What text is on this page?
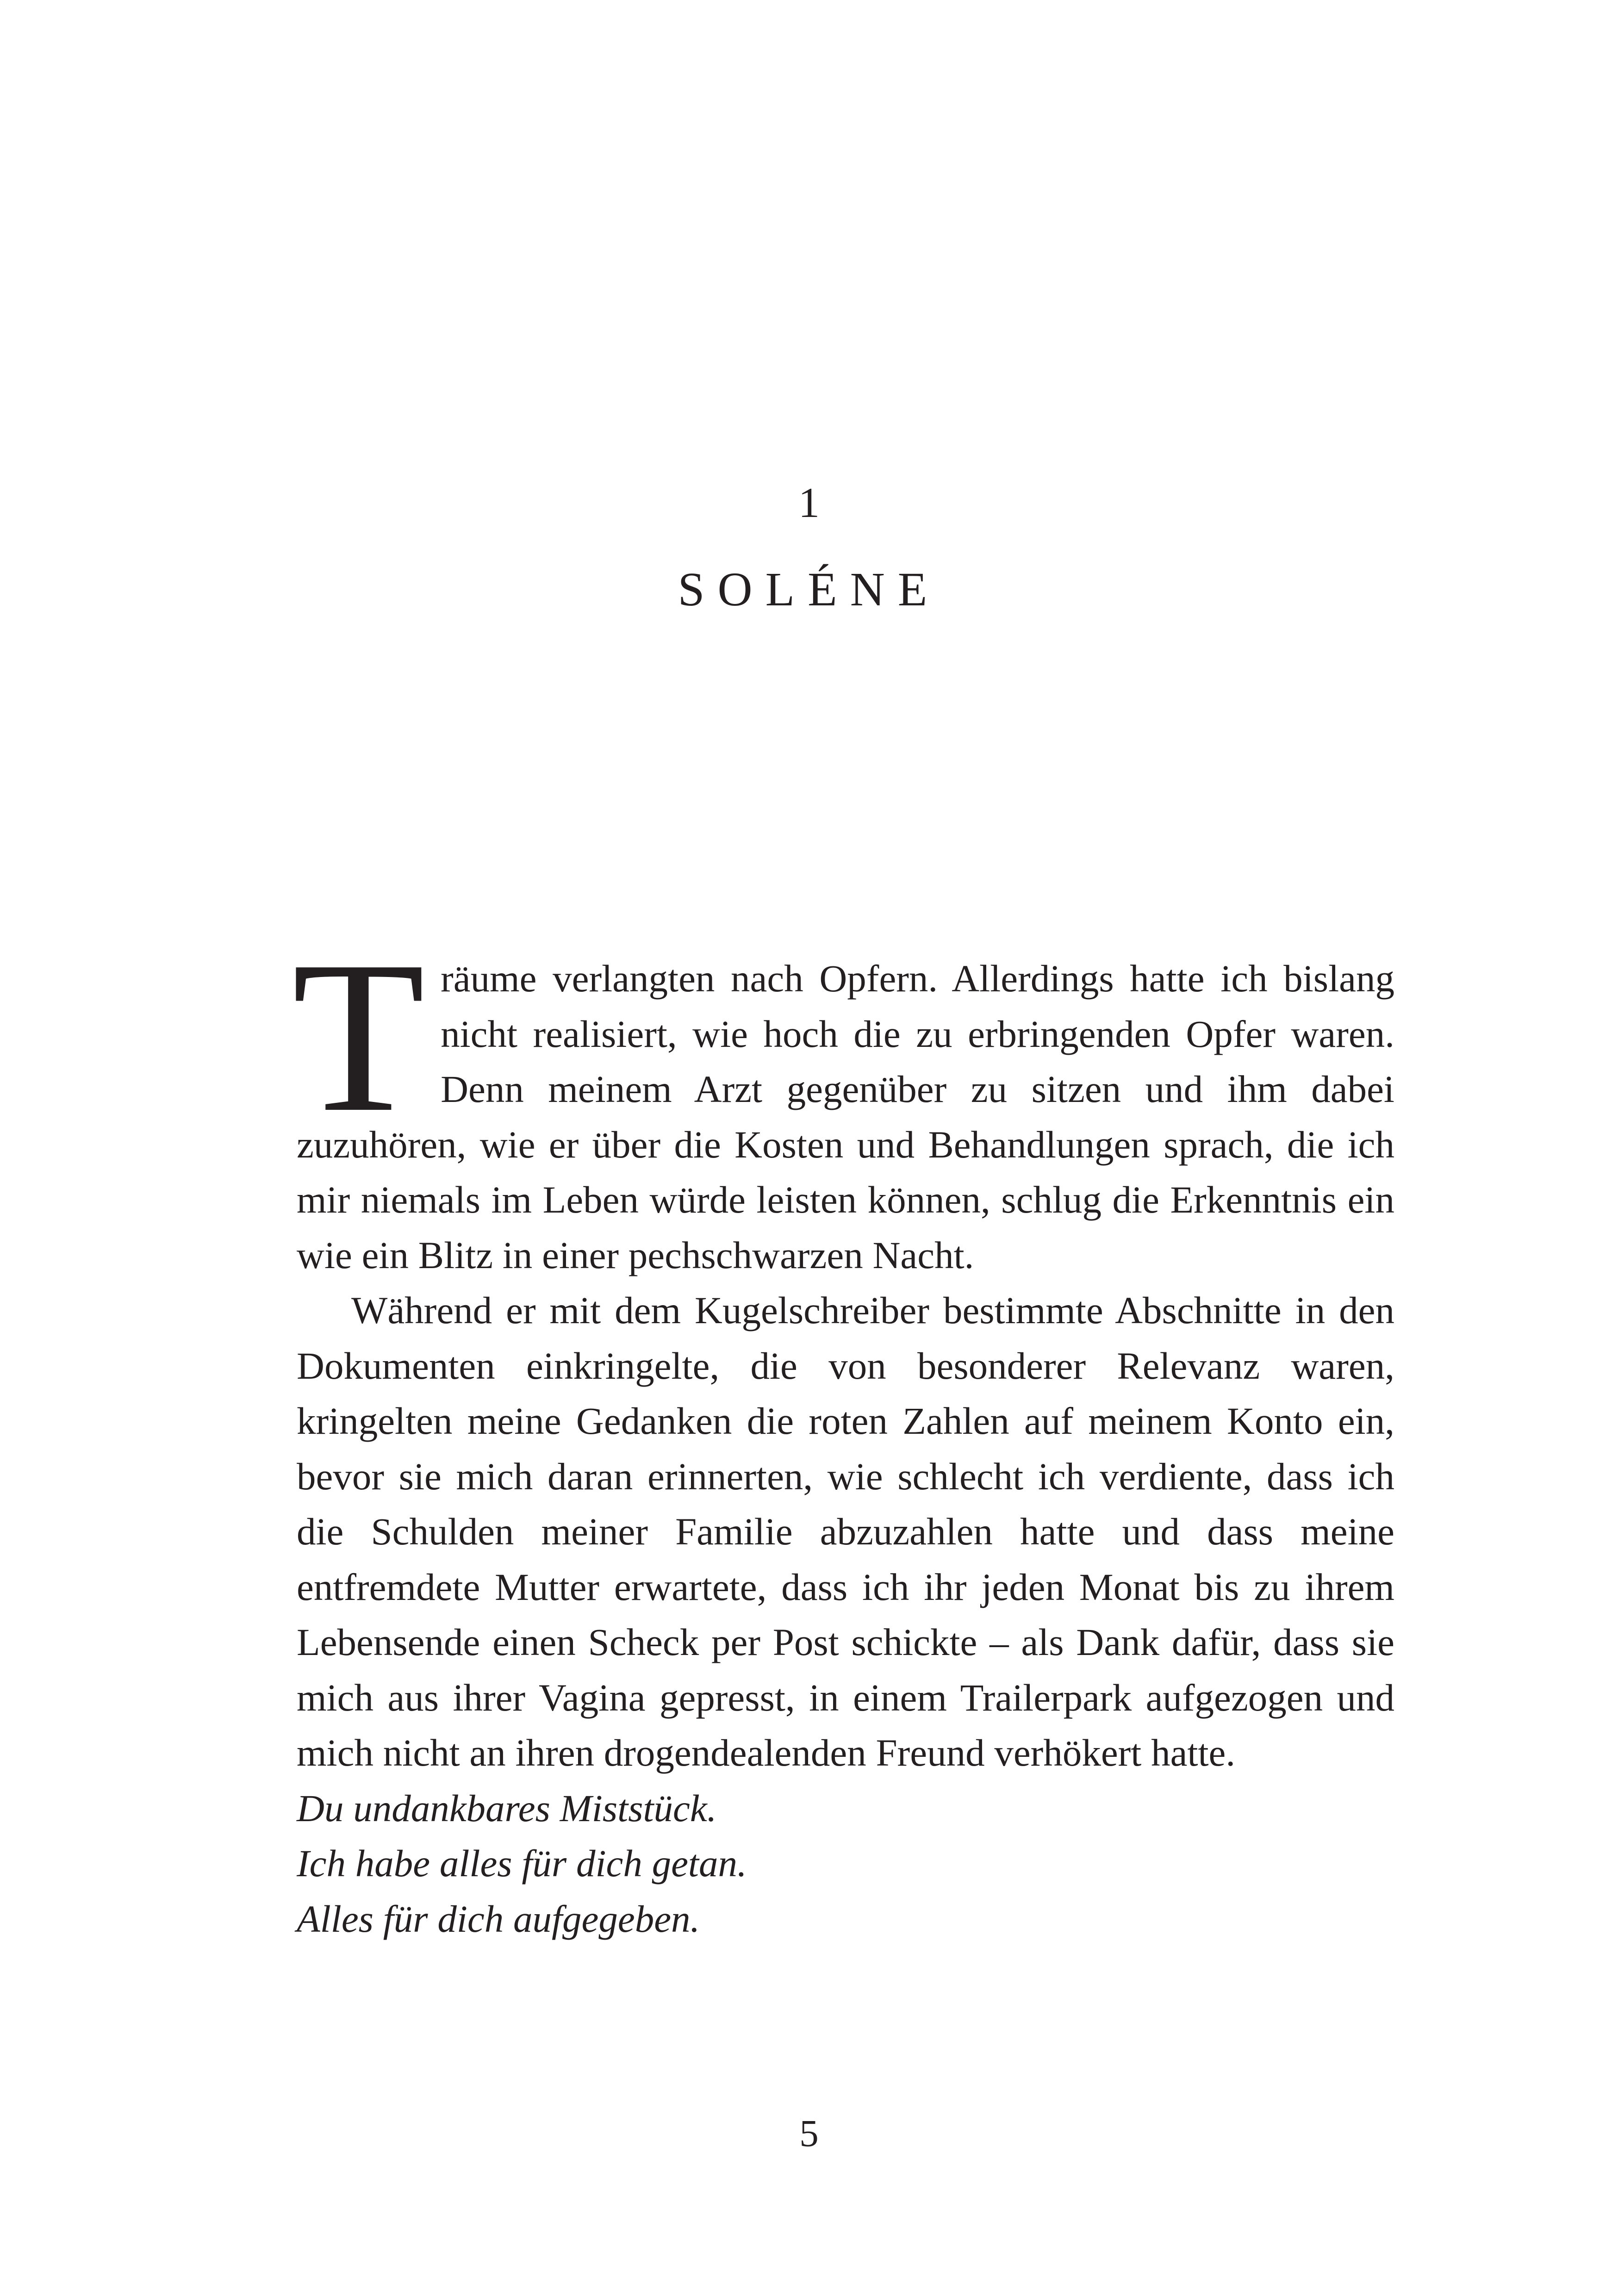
1
SOLÉNE

Träume verlangten nach Opfern. Allerdings hatte ich bislang nicht realisiert, wie hoch die zu erbringenden Opfer waren. Denn meinem Arzt gegenüber zu sitzen und ihm dabei zuzuhören, wie er über die Kosten und Behandlungen sprach, die ich mir niemals im Leben würde leisten können, schlug die Erkenntnis ein wie ein Blitz in einer pechschwarzen Nacht.

Während er mit dem Kugelschreiber bestimmte Abschnitte in den Dokumenten einkringelte, die von besonderer Relevanz waren, kringelten meine Gedanken die roten Zahlen auf meinem Konto ein, bevor sie mich daran erinnerten, wie schlecht ich verdiente, dass ich die Schulden meiner Familie abzuzahlen hatte und dass meine entfremdete Mutter erwartete, dass ich ihr jeden Monat bis zu ihrem Lebensende einen Scheck per Post schickte – als Dank dafür, dass sie mich aus ihrer Vagina gepresst, in einem Trailerpark aufgezogen und mich nicht an ihren drogendealenden Freund verhökert hatte.

Du undankbares Miststück.

Ich habe alles für dich getan.

Alles für dich aufgegeben.

5
